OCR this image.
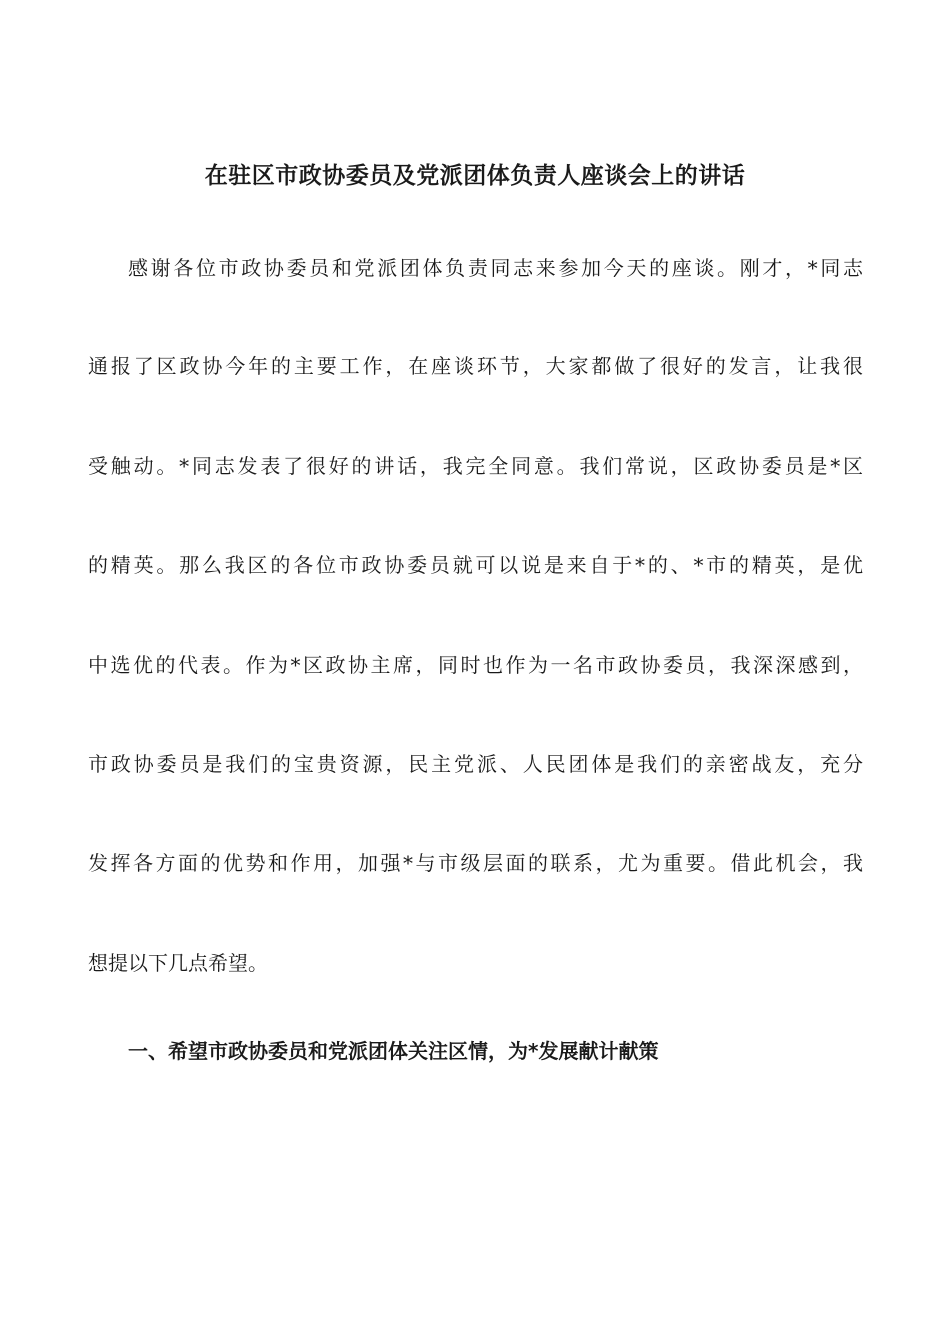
在驻区市政协委员及党派团体负责人座谈会上的讲话
感谢各位市政协委员和党派团体负责同志来参加今天的座谈。刚才，*同志
通报了区政协今年的主要工作，在座谈环节，大家都做了很好的发言，让我很
受触动。*同志发表了很好的讲话，我完全同意。我们常说，区政协委员是*区
的精英。那么我区的各位市政协委员就可以说是来自于*的、*市的精英，是优
中选优的代表。作为*区政协主席，同时也作为一名市政协委员，我深深感到，
市政协委员是我们的宝贵资源，民主党派、人民团体是我们的亲密战友，充分
发挥各方面的优势和作用，加强*与市级层面的联系，尤为重要。借此机会，我
想提以下几点希望。
一、希望市政协委员和党派团体关注区情，为*发展献计献策
